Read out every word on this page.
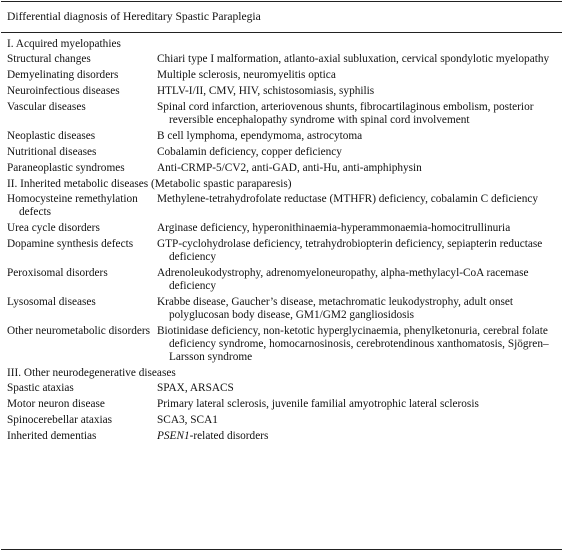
Differential diagnosis of Hereditary Spastic Paraplegia
I. Acquired myelopathies
Structural changes	Chiari type I malformation, atlanto-axial subluxation, cervical spondylotic myelopathy

Demyelinating disorders	Multiple sclerosis, neuromyelitis optica

Neuroinfectious diseases	HTLV-I/II, CMV, HIV, schistosomiasis, syphilis

Vascular diseases	Spinal cord infarction, arteriovenous shunts, fibrocartilaginous embolism, posterior reversible encephalopathy syndrome with spinal cord involvement

Neoplastic diseases	B cell lymphoma, ependymoma, astrocytoma

Nutritional diseases	Cobalamin deficiency, copper deficiency

Paraneoplastic syndromes	Anti-CRMP-5/CV2, anti-GAD, anti-Hu, anti-amphiphysin
II. Inherited metabolic diseases (Metabolic spastic paraparesis)
Homocysteine remethylation defects	Methylene-tetrahydrofolate reductase (MTHFR) deficiency, cobalamin C deficiency

Urea cycle disorders	Arginase deficiency, hyperonithinaemia-hyperammonaemia-homocitrullinuria

Dopamine synthesis defects	GTP-cyclohydrolase deficiency, tetrahydrobiopterin deficiency, sepiapterin reductase deficiency

Peroxisomal disorders	Adrenoleukodystrophy, adrenomyeloneuropathy, alpha-methylacyl-CoA racemase deficiency

Lysosomal diseases	Krabbe disease, Gaucher’s disease, metachromatic leukodystrophy, adult onset polyglucosan body disease, GM1/GM2 gangliosidosis

Other neurometabolic disorders	Biotinidase deficiency, non-ketotic hyperglycinaemia, phenylketonuria, cerebral folate deficiency syndrome, homocarnosinosis, cerebrotendinous xanthomatosis, Sjögren–Larsson syndrome
III. Other neurodegenerative diseases
Spastic ataxias	SPAX, ARSACS

Motor neuron disease	Primary lateral sclerosis, juvenile familial amyotrophic lateral sclerosis

Spinocerebellar ataxias	SCA3, SCA1

Inherited dementias	PSEN1-related disorders
